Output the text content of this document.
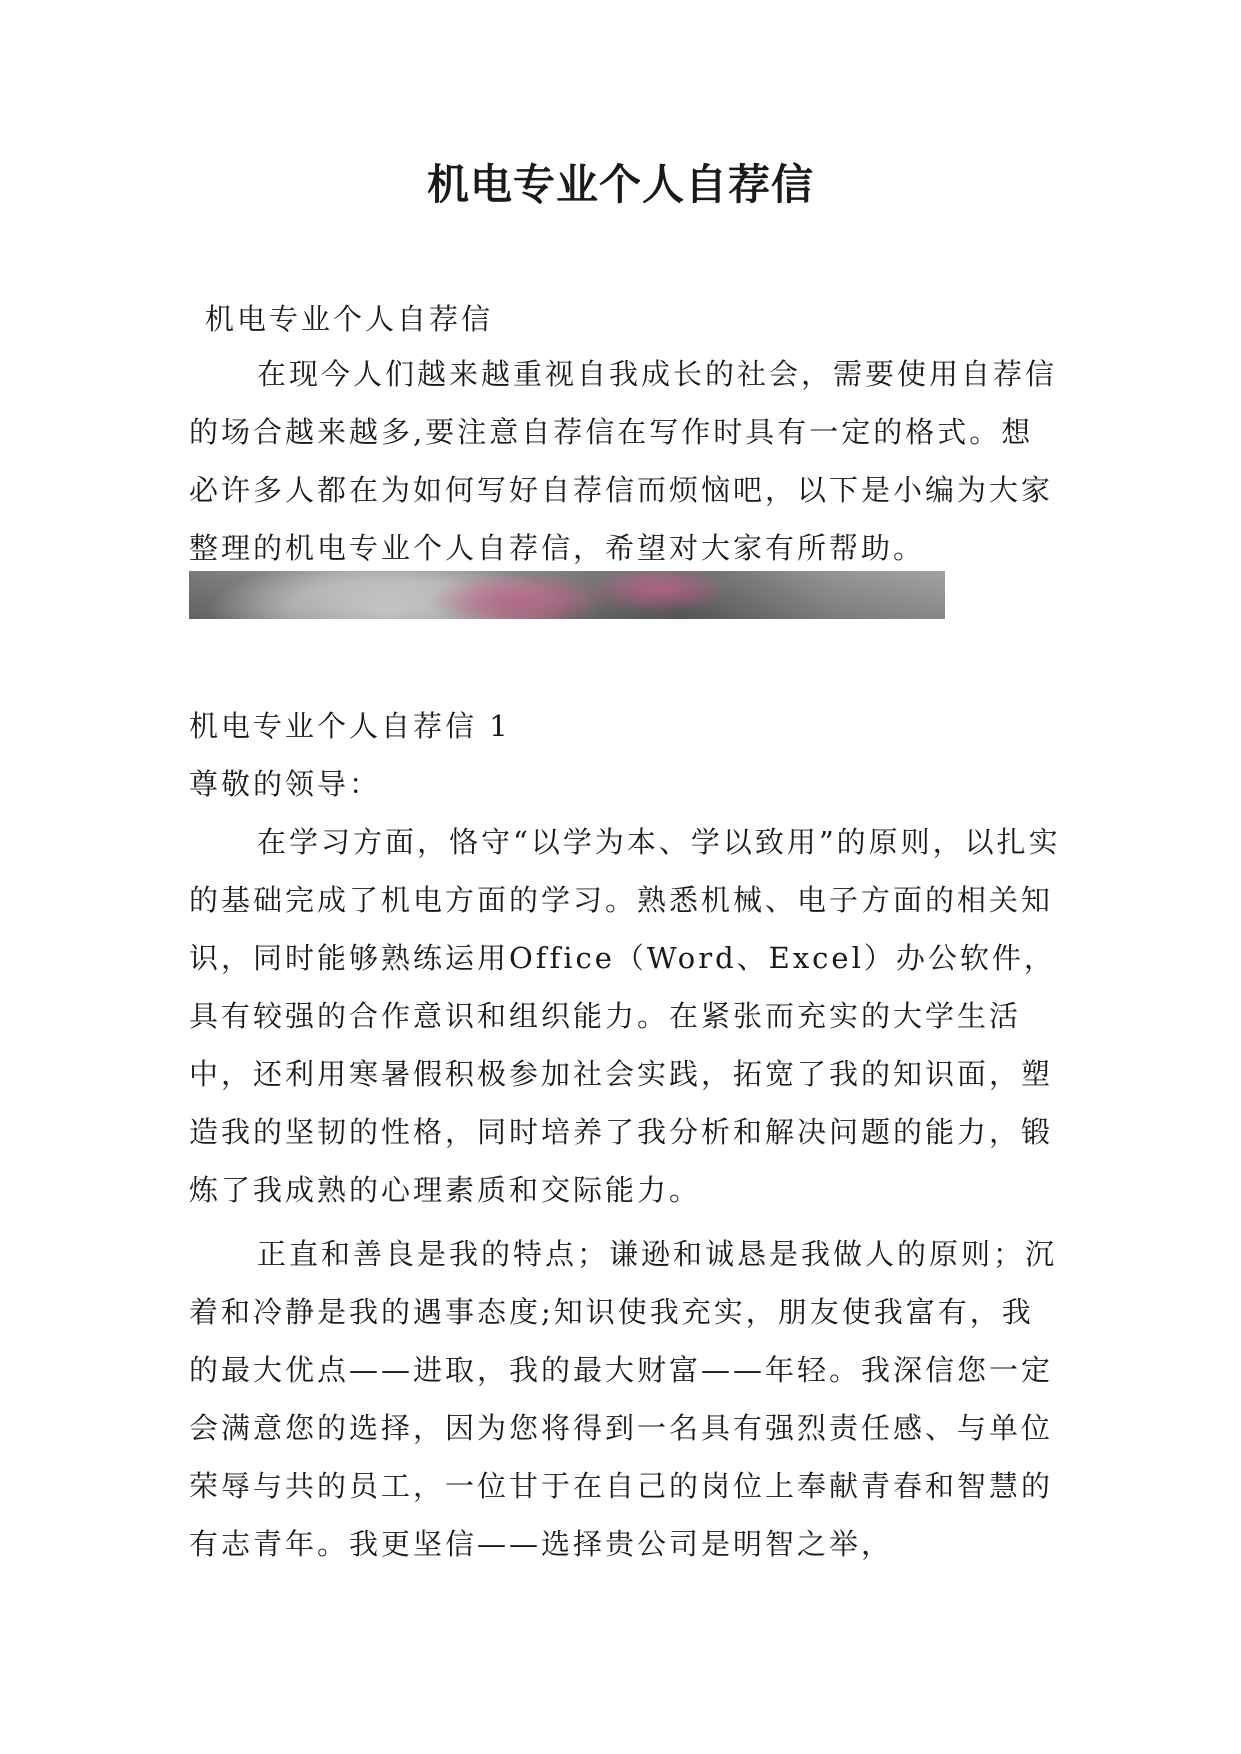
机电专业个人自荐信

机电专业个人自荐信

在现今人们越来越重视自我成长的社会，需要使用自荐信的场合越来越多,要注意自荐信在写作时具有一定的格式。想必许多人都在为如何写好自荐信而烦恼吧，以下是小编为大家整理的机电专业个人自荐信，希望对大家有所帮助。

机电专业个人自荐信 1

尊敬的领导：

在学习方面，恪守“以学为本、学以致用”的原则，以扎实的基础完成了机电方面的学习。熟悉机械、电子方面的相关知识，同时能够熟练运用Office（Word、Excel）办公软件，具有较强的合作意识和组织能力。在紧张而充实的大学生活中，还利用寒暑假积极参加社会实践，拓宽了我的知识面，塑造我的坚韧的性格，同时培养了我分析和解决问题的能力，锻炼了我成熟的心理素质和交际能力。

正直和善良是我的特点；谦逊和诚恳是我做人的原则；沉着和冷静是我的遇事态度;知识使我充实，朋友使我富有，我的最大优点——进取，我的最大财富——年轻。我深信您一定会满意您的选择，因为您将得到一名具有强烈责任感、与单位荣辱与共的员工，一位甘于在自己的岗位上奉献青春和智慧的有志青年。我更坚信——选择贵公司是明智之举，
